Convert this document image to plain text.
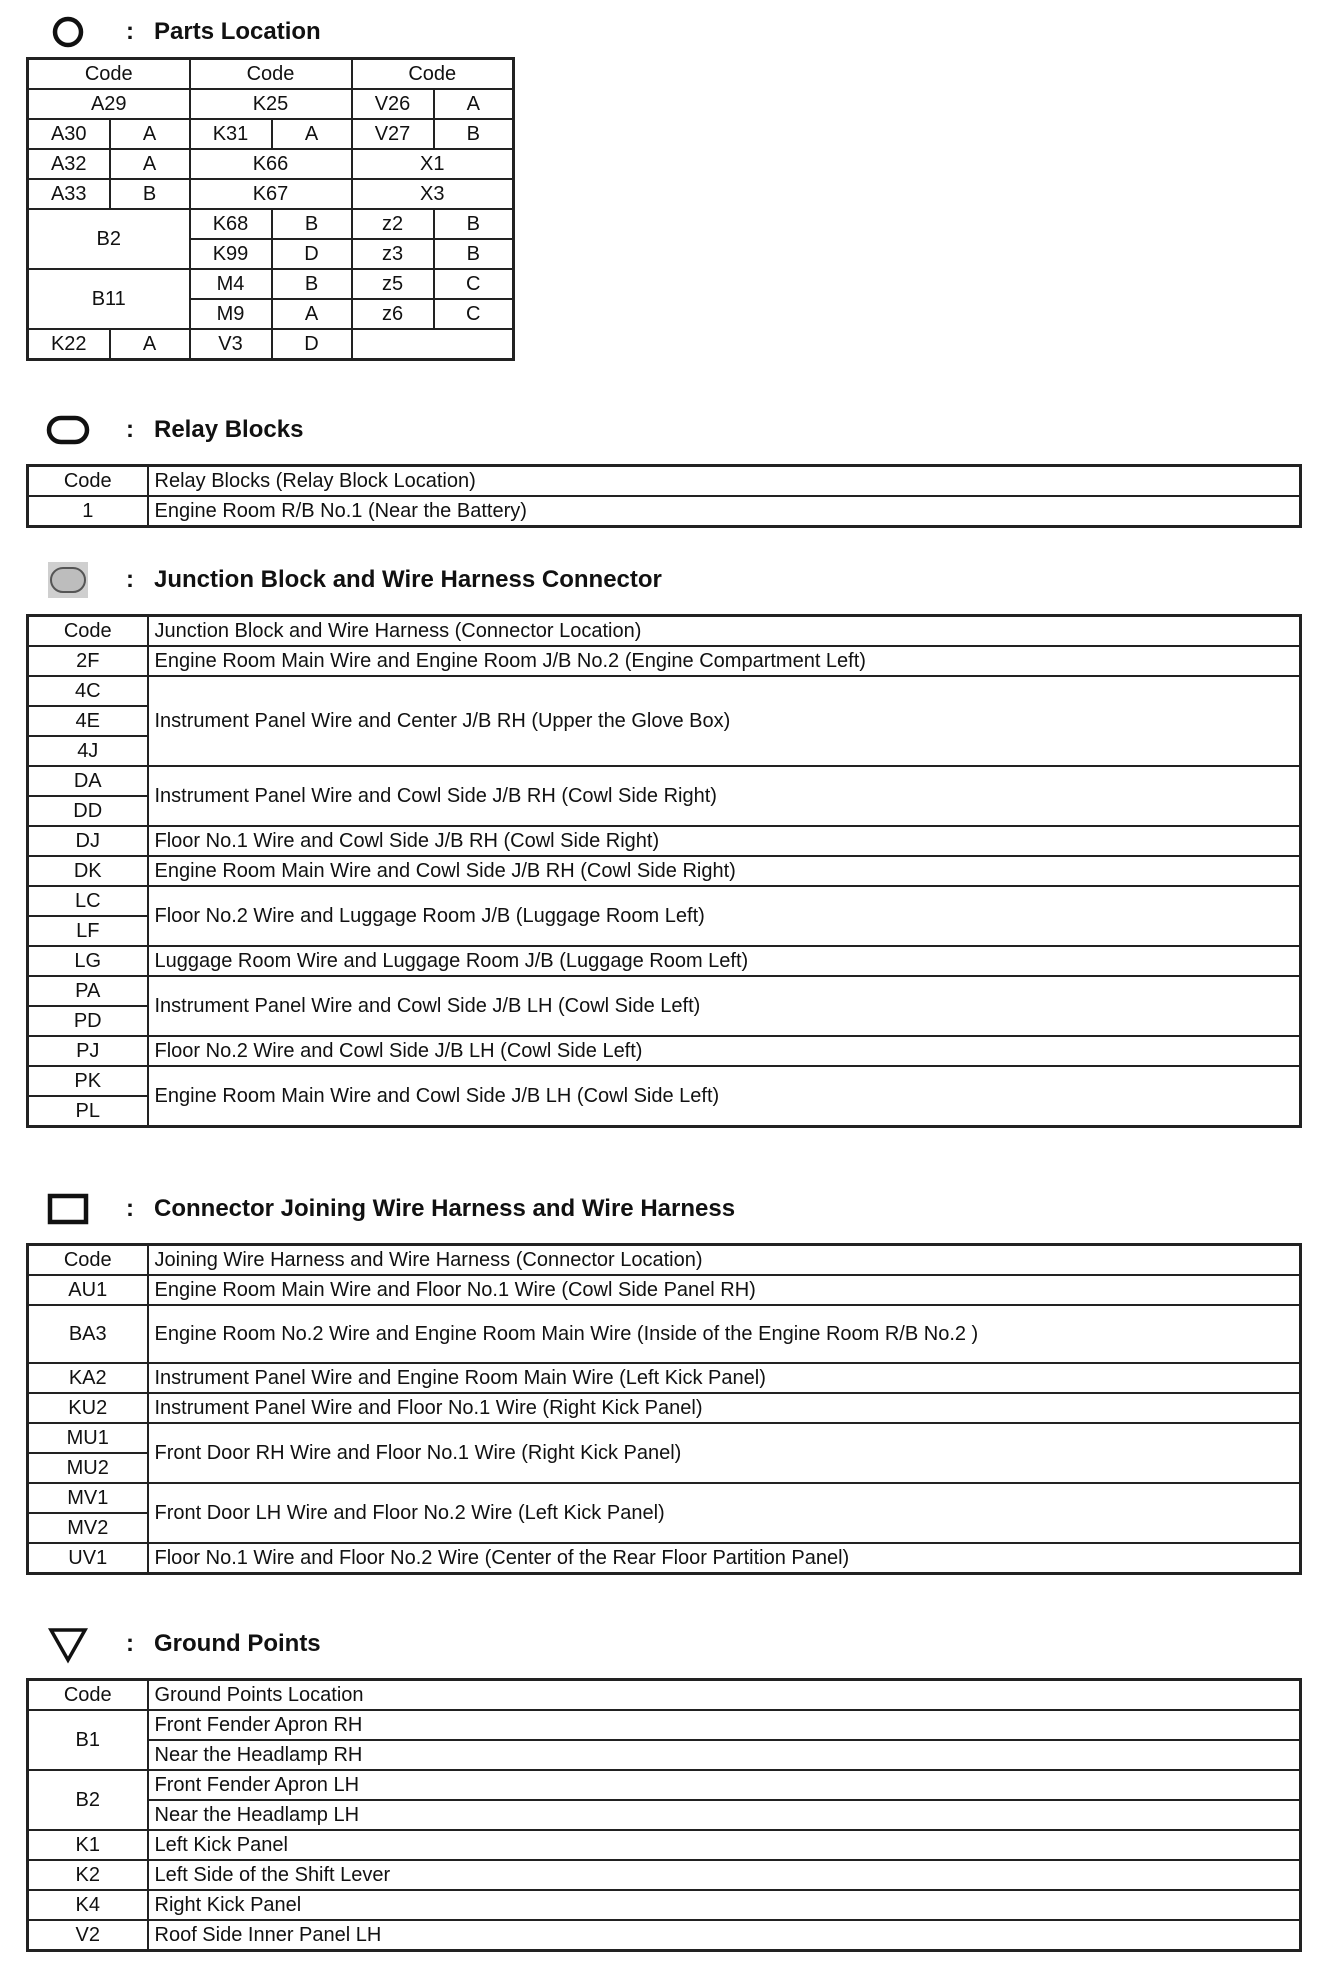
: Parts Location
Code		Code		Code	
A29		K25		V26	A
A30	A	K31	A	V27	B
A32	A	K66		X1	
A33	B	K67		X3	
B2		K68	B	z2	B
		K99	D	z3	B
B11		M4	B	z5	C
		M9	A	z6	C
K22	A	V3	D		
: Relay Blocks
Code	Relay Blocks (Relay Block Location)
1	Engine Room R/B No.1 (Near the Battery)
: Junction Block and Wire Harness Connector
Code	Junction Block and Wire Harness (Connector Location)
2F	Engine Room Main Wire and Engine Room J/B No.2 (Engine Compartment Left)
4C	Instrument Panel Wire and Center J/B RH (Upper the Glove Box)
4E	
4J	
DA	Instrument Panel Wire and Cowl Side J/B RH (Cowl Side Right)
DD	
DJ	Floor No.1 Wire and Cowl Side J/B RH (Cowl Side Right)
DK	Engine Room Main Wire and Cowl Side J/B RH (Cowl Side Right)
LC	Floor No.2 Wire and Luggage Room J/B (Luggage Room Left)
LF	
LG	Luggage Room Wire and Luggage Room J/B (Luggage Room Left)
PA	Instrument Panel Wire and Cowl Side J/B LH (Cowl Side Left)
PD	
PJ	Floor No.2 Wire and Cowl Side J/B LH (Cowl Side Left)
PK	Engine Room Main Wire and Cowl Side J/B LH (Cowl Side Left)
PL	
: Connector Joining Wire Harness and Wire Harness
Code	Joining Wire Harness and Wire Harness (Connector Location)
AU1	Engine Room Main Wire and Floor No.1 Wire (Cowl Side Panel RH)
BA3	Engine Room No.2 Wire and Engine Room Main Wire (Inside of the Engine Room R/B No.2 )
KA2	Instrument Panel Wire and Engine Room Main Wire (Left Kick Panel)
KU2	Instrument Panel Wire and Floor No.1 Wire (Right Kick Panel)
MU1	Front Door RH Wire and Floor No.1 Wire (Right Kick Panel)
MU2	
MV1	Front Door LH Wire and Floor No.2 Wire (Left Kick Panel)
MV2	
UV1	Floor No.1 Wire and Floor No.2 Wire (Center of the Rear Floor Partition Panel)
: Ground Points
Code	Ground Points Location
B1	Front Fender Apron RH
	Near the Headlamp RH
B2	Front Fender Apron LH
	Near the Headlamp LH
K1	Left Kick Panel
K2	Left Side of the Shift Lever
K4	Right Kick Panel
V2	Roof Side Inner Panel LH
